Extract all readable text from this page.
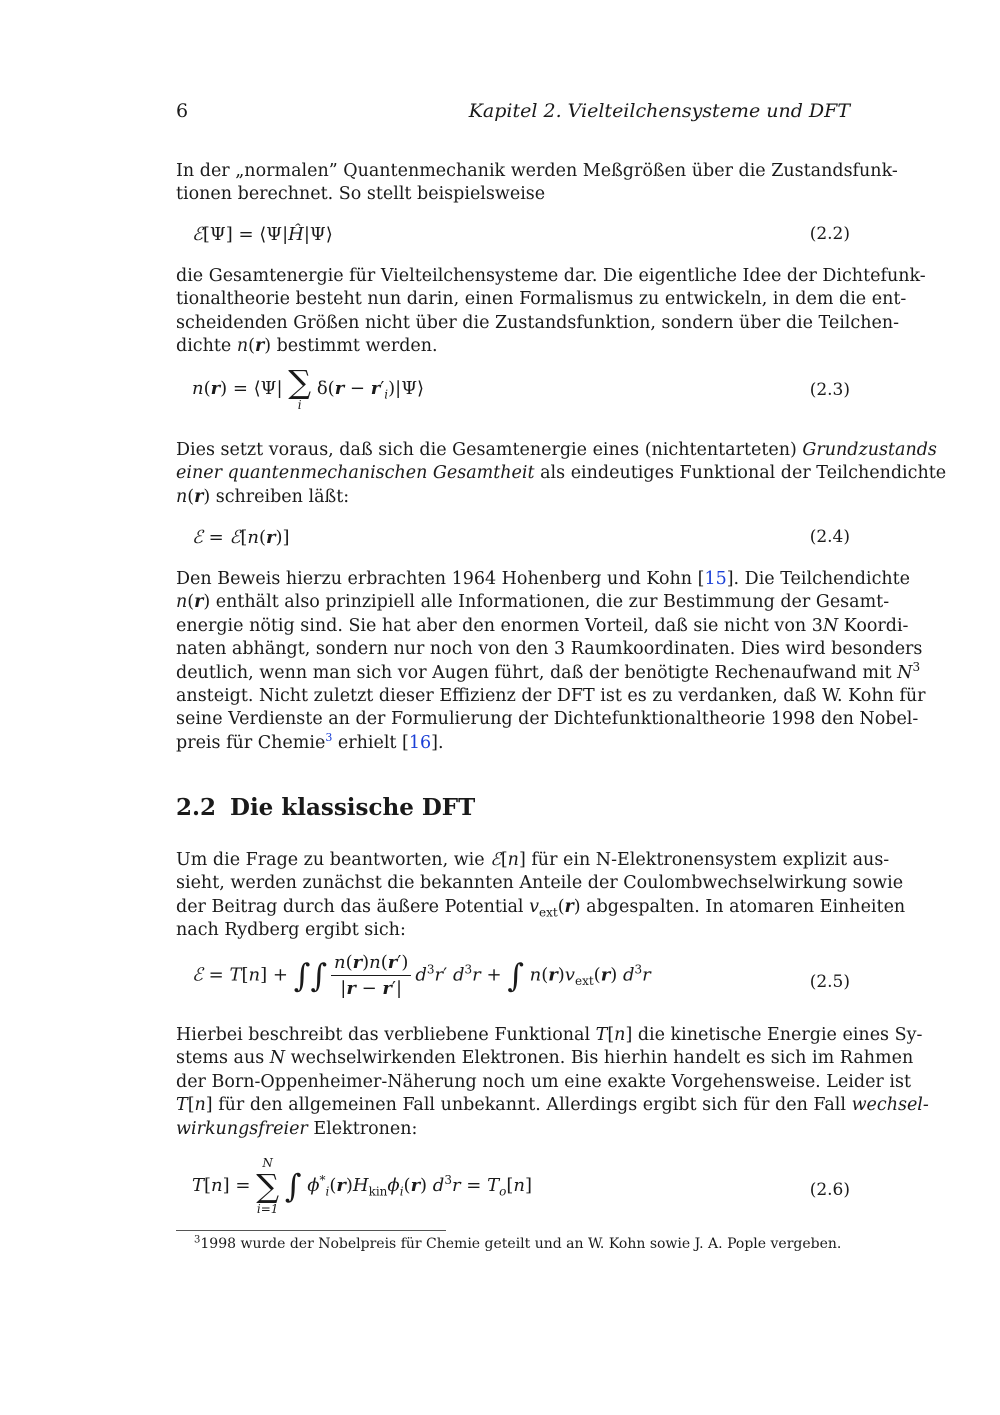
6	Kapitel 2. Vielteilchensysteme und DFT
In der „normalen” Quantenmechanik werden Meßgrößen über die Zustandsfunk-
tionen berechnet. So stellt beispielsweise
ℰ[Ψ] = ⟨Ψ|Ĥ|Ψ⟩	(2.2)
die Gesamtenergie für Vielteilchensysteme dar. Die eigentliche Idee der Dichtefunk-
tionaltheorie besteht nun darin, einen Formalismus zu entwickeln, in dem die ent-
scheidenden Größen nicht über die Zustandsfunktion, sondern über die Teilchen-
dichte n(r) bestimmt werden.
n(r) = ⟨Ψ| ∑
i
$\delta(r - r'_i)|\Psi⟩$	(2.3)
Dies setzt voraus, daß sich die Gesamtenergie eines (nichtentarteten) Grundzustands
einer quantenmechanischen Gesamtheit als eindeutiges Funktional der Teilchendichte
n(r) schreiben läßt:
ℰ = ℰ[n(r)]	(2.4)
Den Beweis hierzu erbrachten 1964 Hohenberg und Kohn [15]. Die Teilchendichte
n(r) enthält also prinzipiell alle Informationen, die zur Bestimmung der Gesamt-
energie nötig sind. Sie hat aber den enormen Vorteil, daß sie nicht von 3N Koordi-
naten abhängt, sondern nur noch von den 3 Raumkoordinaten. Dies wird besonders
deutlich, wenn man sich vor Augen führt, daß der benötigte Rechenaufwand mit $N^3$
ansteigt. Nicht zuletzt dieser Effizienz der DFT ist es zu verdanken, daß W. Kohn für
seine Verdienste an der Formulierung der Dichtefunktionaltheorie 1998 den Nobel-
preis für Chemie$^3$ erhielt [16].
2.2 Die klassische DFT
Um die Frage zu beantworten, wie ℰ[n] für ein N-Elektronensystem explizit aus-
sieht, werden zunächst die bekannten Anteile der Coulombwechselwirkung sowie
der Beitrag durch das äußere Potential $v_{ext}(r)$ abgespalten. In atomaren Einheiten
nach Rydberg ergibt sich:
ℰ = T[n] + ∫∫ $\frac{n(r)n(r')}{|r - r'|} d^3r'$ $d^3r$ + ∫ $n(r)v_{ext}(r)$ $d^3r$	(2.5)
Hierbei beschreibt das verbliebene Funktional T[n] die kinetische Energie eines Sy-
stems aus N wechselwirkenden Elektronen. Bis hierhin handelt es sich im Rahmen
der Born-Oppenheimer-Näherung noch um eine exakte Vorgehensweise. Leider ist
T[n] für den allgemeinen Fall unbekannt. Allerdings ergibt sich für den Fall wechsel-
wirkungsfreier Elektronen:
T[n] =
N
∑
i=1
∫ $\phi^*_i(r)H_{kin}\phi_i(r) d^3r = T_o[n]$	(2.6)
$^3$1998 wurde der Nobelpreis für Chemie geteilt und an W. Kohn sowie J. A. Pople vergeben.
